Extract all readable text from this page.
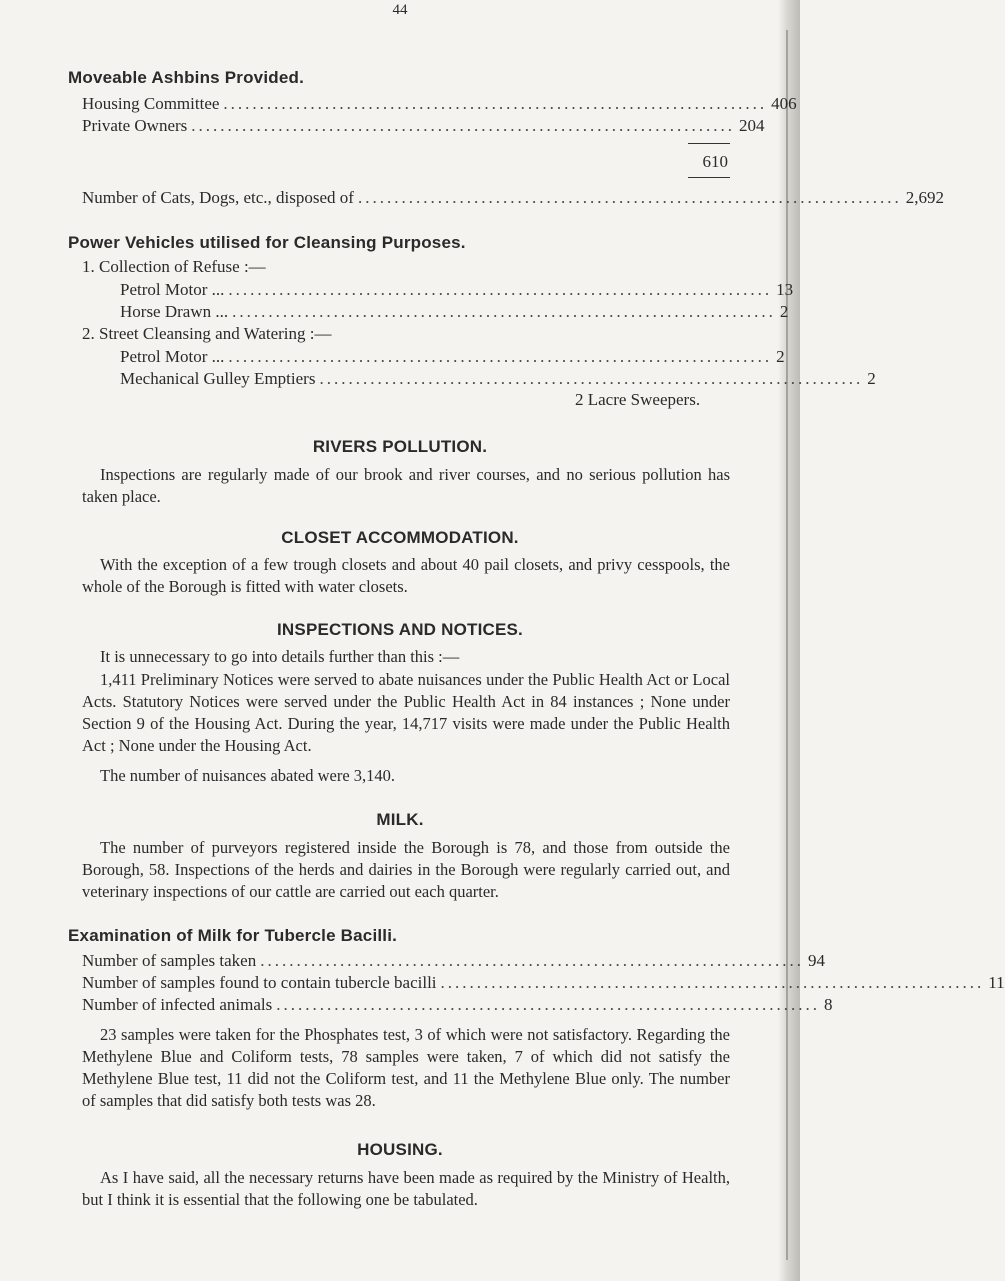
44
Moveable Ashbins Provided.
Housing Committee ........................................................................... 406
Private Owners ........................................................................... 204
610
Number of Cats, Dogs, etc., disposed of ........................................................................... 2,692
Power Vehicles utilised for Cleansing Purposes.
1. Collection of Refuse :—
Petrol Motor ... ........................................................................... 13
Horse Drawn ... ........................................................................... 2
2. Street Cleansing and Watering :—
Petrol Motor ... ........................................................................... 2
Mechanical Gulley Emptiers ........................................................................... 2
2 Lacre Sweepers.
RIVERS POLLUTION.
Inspections are regularly made of our brook and river courses, and no serious pollution has taken place.
CLOSET ACCOMMODATION.
With the exception of a few trough closets and about 40 pail closets, and privy cesspools, the whole of the Borough is fitted with water closets.
INSPECTIONS AND NOTICES.
It is unnecessary to go into details further than this :—
1,411 Preliminary Notices were served to abate nuisances under the Public Health Act or Local Acts. Statutory Notices were served under the Public Health Act in 84 instances ; None under Section 9 of the Housing Act. During the year, 14,717 visits were made under the Public Health Act ; None under the Housing Act.
The number of nuisances abated were 3,140.
MILK.
The number of purveyors registered inside the Borough is 78, and those from outside the Borough, 58. Inspections of the herds and dairies in the Borough were regularly carried out, and veterinary inspections of our cattle are carried out each quarter.
Examination of Milk for Tubercle Bacilli.
Number of samples taken ........................................................................... 94
Number of samples found to contain tubercle bacilli ........................................................................... 11
Number of infected animals ........................................................................... 8
23 samples were taken for the Phosphates test, 3 of which were not satisfactory. Regarding the Methylene Blue and Coliform tests, 78 samples were taken, 7 of which did not satisfy the Methylene Blue test, 11 did not the Coliform test, and 11 the Methylene Blue only. The number of samples that did satisfy both tests was 28.
HOUSING.
As I have said, all the necessary returns have been made as required by the Ministry of Health, but I think it is essential that the following one be tabulated.
